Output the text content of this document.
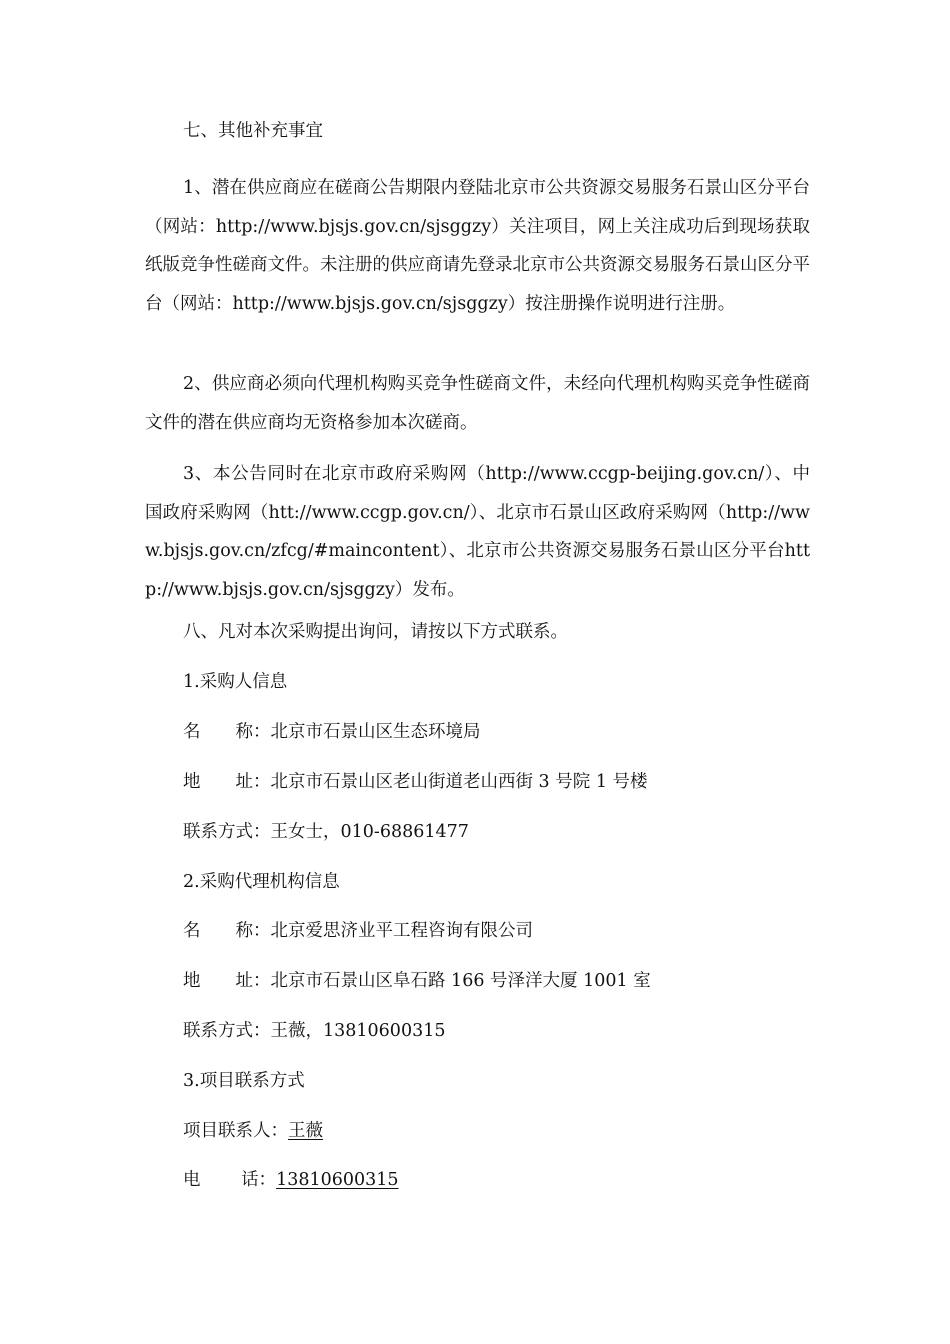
七、其他补充事宜

1、潜在供应商应在磋商公告期限内登陆北京市公共资源交易服务石景山区分平台（网站：http://www.bjsjs.gov.cn/sjsggzy）关注项目，网上关注成功后到现场获取纸版竞争性磋商文件。未注册的供应商请先登录北京市公共资源交易服务石景山区分平台（网站：http://www.bjsjs.gov.cn/sjsggzy）按注册操作说明进行注册。

2、供应商必须向代理机构购买竞争性磋商文件，未经向代理机构购买竞争性磋商文件的潜在供应商均无资格参加本次磋商。

3、本公告同时在北京市政府采购网（http://www.ccgp-beijing.gov.cn/）、中国政府采购网（htt://www.ccgp.gov.cn/）、北京市石景山区政府采购网（http://www.bjsjs.gov.cn/zfcg/#maincontent）、北京市公共资源交易服务石景山区分平台http://www.bjsjs.gov.cn/sjsggzy）发布。

八、凡对本次采购提出询问，请按以下方式联系。

1.采购人信息

名　　称：北京市石景山区生态环境局

地　　址：北京市石景山区老山街道老山西街 3 号院 1 号楼

联系方式：王女士，010-68861477

2.采购代理机构信息

名　　称：北京爱思济业平工程咨询有限公司

地　　址：北京市石景山区阜石路 166 号泽洋大厦 1001 室

联系方式：王薇，13810600315

3.项目联系方式

项目联系人：王薇

电　　 话：13810600315
